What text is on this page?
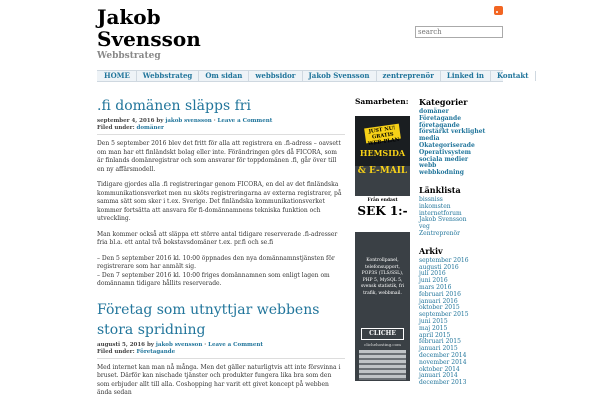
Jakob Svensson
Webbstrateg
search
HOME	Webbstrateg	Om sidan	webbsidor	Jakob Svensson	zentreprenör	Linked in	Kontakt
.fi domänen släpps fri
september 4, 2016 by jakob svensson · Leave a Comment
Filed under: domäner

Den 5 september 2016 blev det fritt för alla att registrera en .fi-adress – oavsett om man har ett finländskt bolag eller inte. Förändringen görs då FICORA, som är finlands domänregistrar och som ansvarar för toppdomänen .fi, går över till en ny affärsmodell.

Tidigare gjordes alla .fi registreringar genom FICORA, en del av det finländska kommunikationsverket men nu sköts registreringarna av externa registrarer, på samma sätt som sker i t.ex. Sverige. Det finländska kommunikationsverket kommer fortsätta att ansvara för fi-domännamnens tekniska funktion och utveckling.

Man kommer också att släppa ett större antal tidigare reserverade .fi-adresser fria bl.a. ett antal två bokstavsdomäner t.ex. pr.fi och se.fi

– Den 5 september 2016 kl. 10:00 öppnades den nya domännamnstjänsten för registrerare som har anmält sig.
– Den 7 september 2016 kl. 10:00 friges domännamnen som enligt lagen om domännamn tidigare hållits reserverade.

Företag som utnyttjar webbens stora spridning
augusti 5, 2016 by jakob svensson · Leave a Comment
Filed under: Företagande

Med internet kan man nå många. Men det gäller naturligtvis att inte försvinna i bruset. Därför kan nischade tjänster och produkter fungera lika bra som den som erbjuder allt till alla. Coshopping har varit ett givet koncept på webben ända sedan

Samarbeten:
JUST NU! GRATIS WEB-PLAN
HEMSIDA
& E-MAIL
Från endast
SEK 1:-
Kontrollpanel, telefonsupport, POP3S (TLS/SSL), PHP 5, MySQL 5, svensk statistik, fri trafik, webbmail.
CLICHE
clichehosting.com
Kategorier
domäner
Företagande
företagande
förstärkt verklighet
media
Okategoriserade
Operativsystem
sociala medier
webb
webbkodning
Länklista
bissniss
inkomsten
internetforum
Jakob Svensson
veg
Zentreprenör
Arkiv
september 2016
augusti 2016
juli 2016
juni 2016
mars 2016
februari 2016
januari 2016
oktober 2015
september 2015
juni 2015
maj 2015
april 2015
februari 2015
januari 2015
december 2014
november 2014
oktober 2014
januari 2014
december 2013
